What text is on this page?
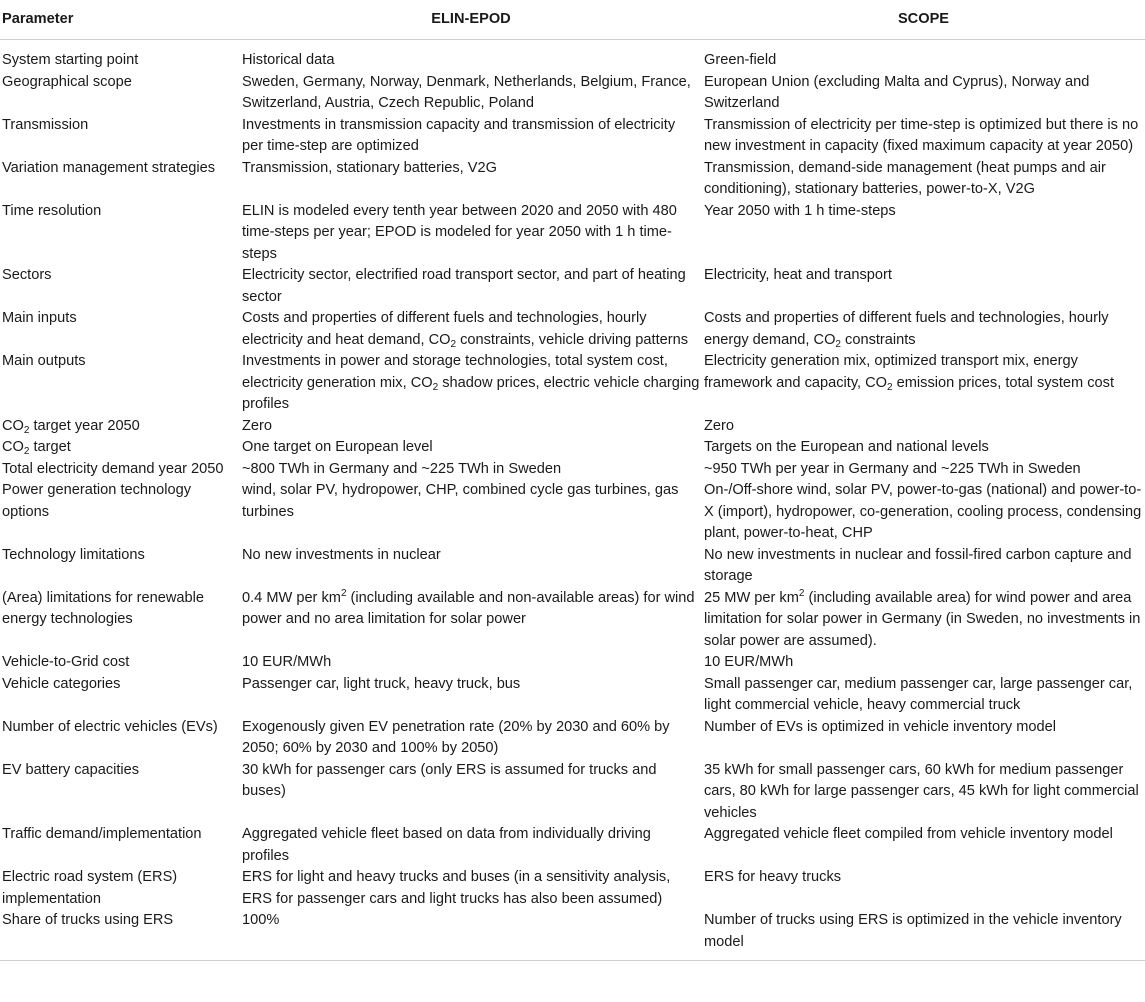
Parameter	ELIN-EPOD	SCOPE
System starting point	Historical data	Green-field
Geographical scope	Sweden, Germany, Norway, Denmark, Netherlands, Belgium, France, Switzerland, Austria, Czech Republic, Poland	European Union (excluding Malta and Cyprus), Norway and Switzerland
Transmission	Investments in transmission capacity and transmission of electricity per time-step are optimized	Transmission of electricity per time-step is optimized but there is no new investment in capacity (fixed maximum capacity at year 2050)
Variation management strategies	Transmission, stationary batteries, V2G	Transmission, demand-side management (heat pumps and air conditioning), stationary batteries, power-to-X, V2G
Time resolution	ELIN is modeled every tenth year between 2020 and 2050 with 480 time-steps per year; EPOD is modeled for year 2050 with 1 h time-steps	Year 2050 with 1 h time-steps
Sectors	Electricity sector, electrified road transport sector, and part of heating sector	Electricity, heat and transport
Main inputs	Costs and properties of different fuels and technologies, hourly electricity and heat demand, $CO_2$ constraints, vehicle driving patterns	Costs and properties of different fuels and technologies, hourly energy demand, $CO_2$ constraints
Main outputs	Investments in power and storage technologies, total system cost, electricity generation mix, $CO_2$ shadow prices, electric vehicle charging profiles	Electricity generation mix, optimized transport mix, energy framework and capacity, $CO_2$ emission prices, total system cost
$CO_2$ target year 2050	Zero	Zero
$CO_2$ target	One target on European level	Targets on the European and national levels
Total electricity demand year 2050	~800 TWh in Germany and ~225 TWh in Sweden	~950 TWh per year in Germany and ~225 TWh in Sweden
Power generation technology options	wind, solar PV, hydropower, CHP, combined cycle gas turbines, gas turbines	On-/Off-shore wind, solar PV, power-to-gas (national) and power-to-X (import), hydropower, co-generation, cooling process, condensing plant, power-to-heat, CHP
Technology limitations	No new investments in nuclear	No new investments in nuclear and fossil-fired carbon capture and storage
(Area) limitations for renewable energy technologies	0.4 MW per $km^2$ (including available and non-available areas) for wind power and no area limitation for solar power	25 MW per $km^2$ (including available area) for wind power and area limitation for solar power in Germany (in Sweden, no investments in solar power are assumed).
Vehicle-to-Grid cost	10 EUR/MWh	10 EUR/MWh
Vehicle categories	Passenger car, light truck, heavy truck, bus	Small passenger car, medium passenger car, large passenger car, light commercial vehicle, heavy commercial truck
Number of electric vehicles (EVs)	Exogenously given EV penetration rate (20% by 2030 and 60% by 2050; 60% by 2030 and 100% by 2050)	Number of EVs is optimized in vehicle inventory model
EV battery capacities	30 kWh for passenger cars (only ERS is assumed for trucks and buses)	35 kWh for small passenger cars, 60 kWh for medium passenger cars, 80 kWh for large passenger cars, 45 kWh for light commercial vehicles
Traffic demand/implementation	Aggregated vehicle fleet based on data from individually driving profiles	Aggregated vehicle fleet compiled from vehicle inventory model
Electric road system (ERS) implementation	ERS for light and heavy trucks and buses (in a sensitivity analysis, ERS for passenger cars and light trucks has also been assumed)	ERS for heavy trucks
Share of trucks using ERS	100%	Number of trucks using ERS is optimized in the vehicle inventory model
